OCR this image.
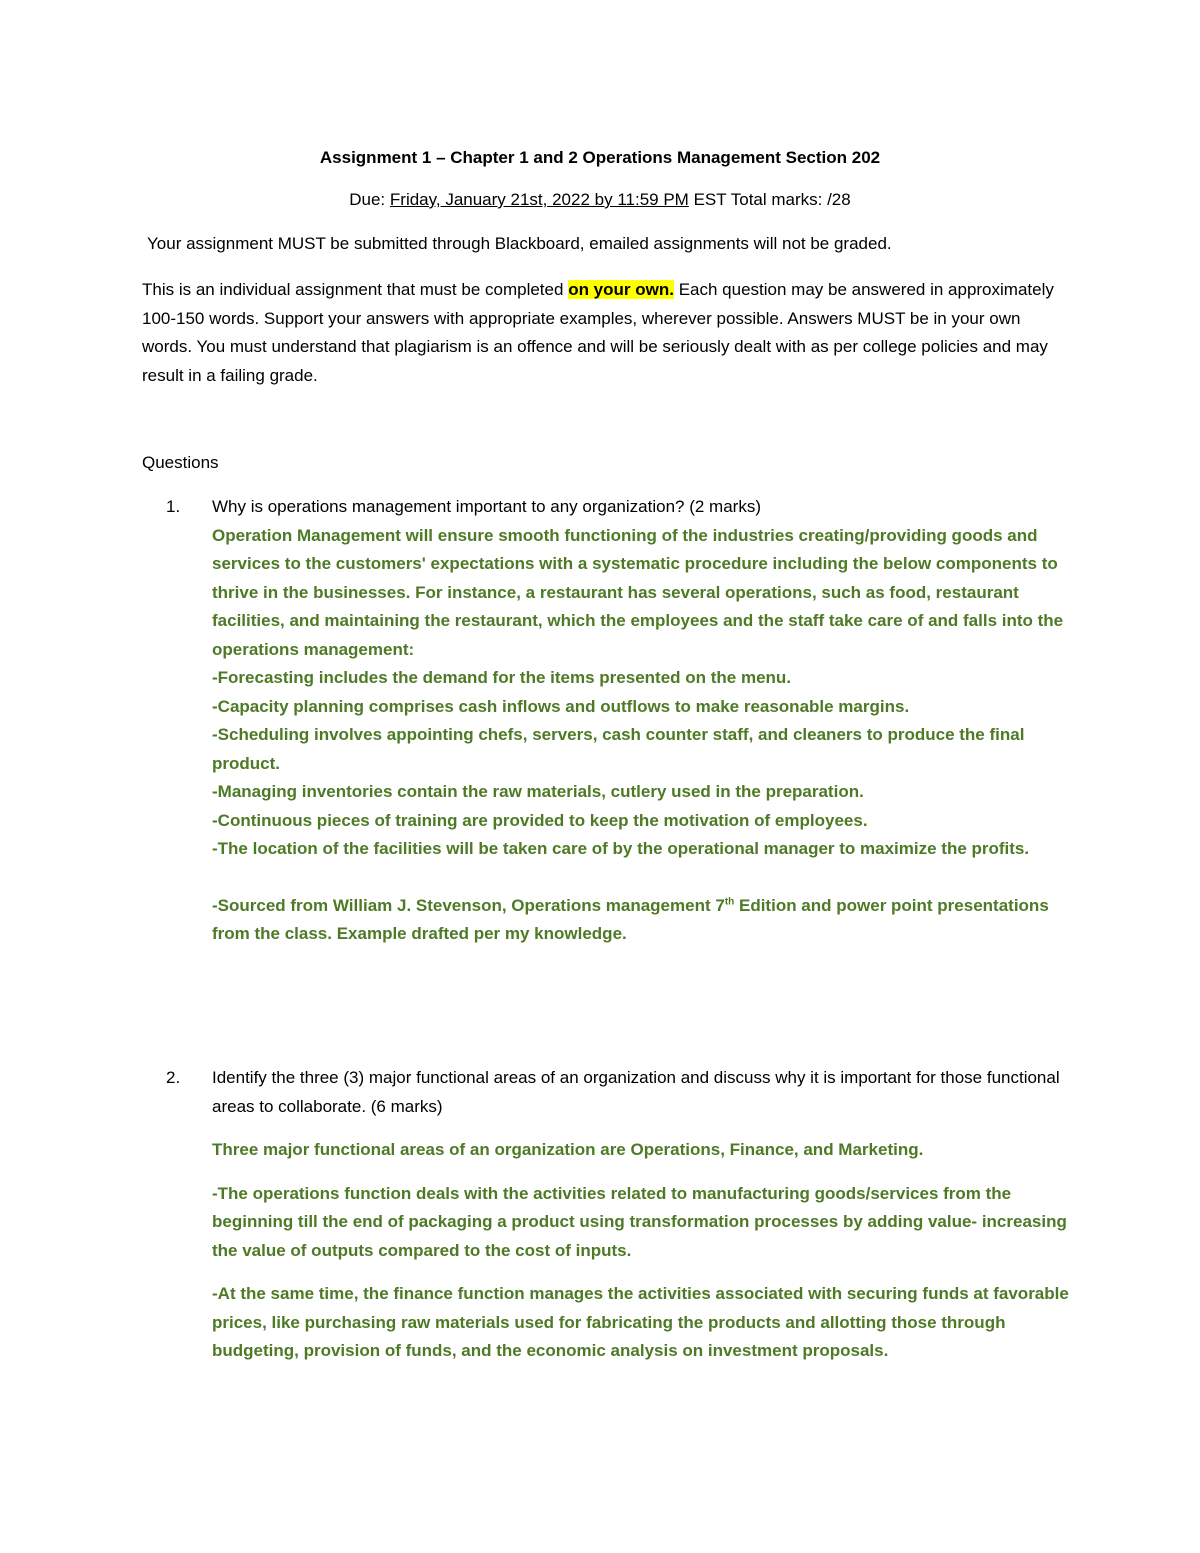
Assignment 1 – Chapter 1 and 2 Operations Management Section 202
Due: Friday, January 21st, 2022 by 11:59 PM EST Total marks: /28
Your assignment MUST be submitted through Blackboard, emailed assignments will not be graded.
This is an individual assignment that must be completed on your own. Each question may be answered in approximately 100-150 words. Support your answers with appropriate examples, wherever possible. Answers MUST be in your own words. You must understand that plagiarism is an offence and will be seriously dealt with as per college policies and may result in a failing grade.
Questions
1. Why is operations management important to any organization? (2 marks)
Operation Management will ensure smooth functioning of the industries creating/providing goods and services to the customers' expectations with a systematic procedure including the below components to thrive in the businesses. For instance, a restaurant has several operations, such as food, restaurant facilities, and maintaining the restaurant, which the employees and the staff take care of and falls into the operations management:
-Forecasting includes the demand for the items presented on the menu.
-Capacity planning comprises cash inflows and outflows to make reasonable margins.
-Scheduling involves appointing chefs, servers, cash counter staff, and cleaners to produce the final product.
-Managing inventories contain the raw materials, cutlery used in the preparation.
-Continuous pieces of training are provided to keep the motivation of employees.
-The location of the facilities will be taken care of by the operational manager to maximize the profits.
-Sourced from William J. Stevenson, Operations management 7th Edition and power point presentations from the class. Example drafted per my knowledge.
2. Identify the three (3) major functional areas of an organization and discuss why it is important for those functional areas to collaborate. (6 marks)
Three major functional areas of an organization are Operations, Finance, and Marketing.
-The operations function deals with the activities related to manufacturing goods/services from the beginning till the end of packaging a product using transformation processes by adding value- increasing the value of outputs compared to the cost of inputs.
-At the same time, the finance function manages the activities associated with securing funds at favorable prices, like purchasing raw materials used for fabricating the products and allotting those through budgeting, provision of funds, and the economic analysis on investment proposals.
